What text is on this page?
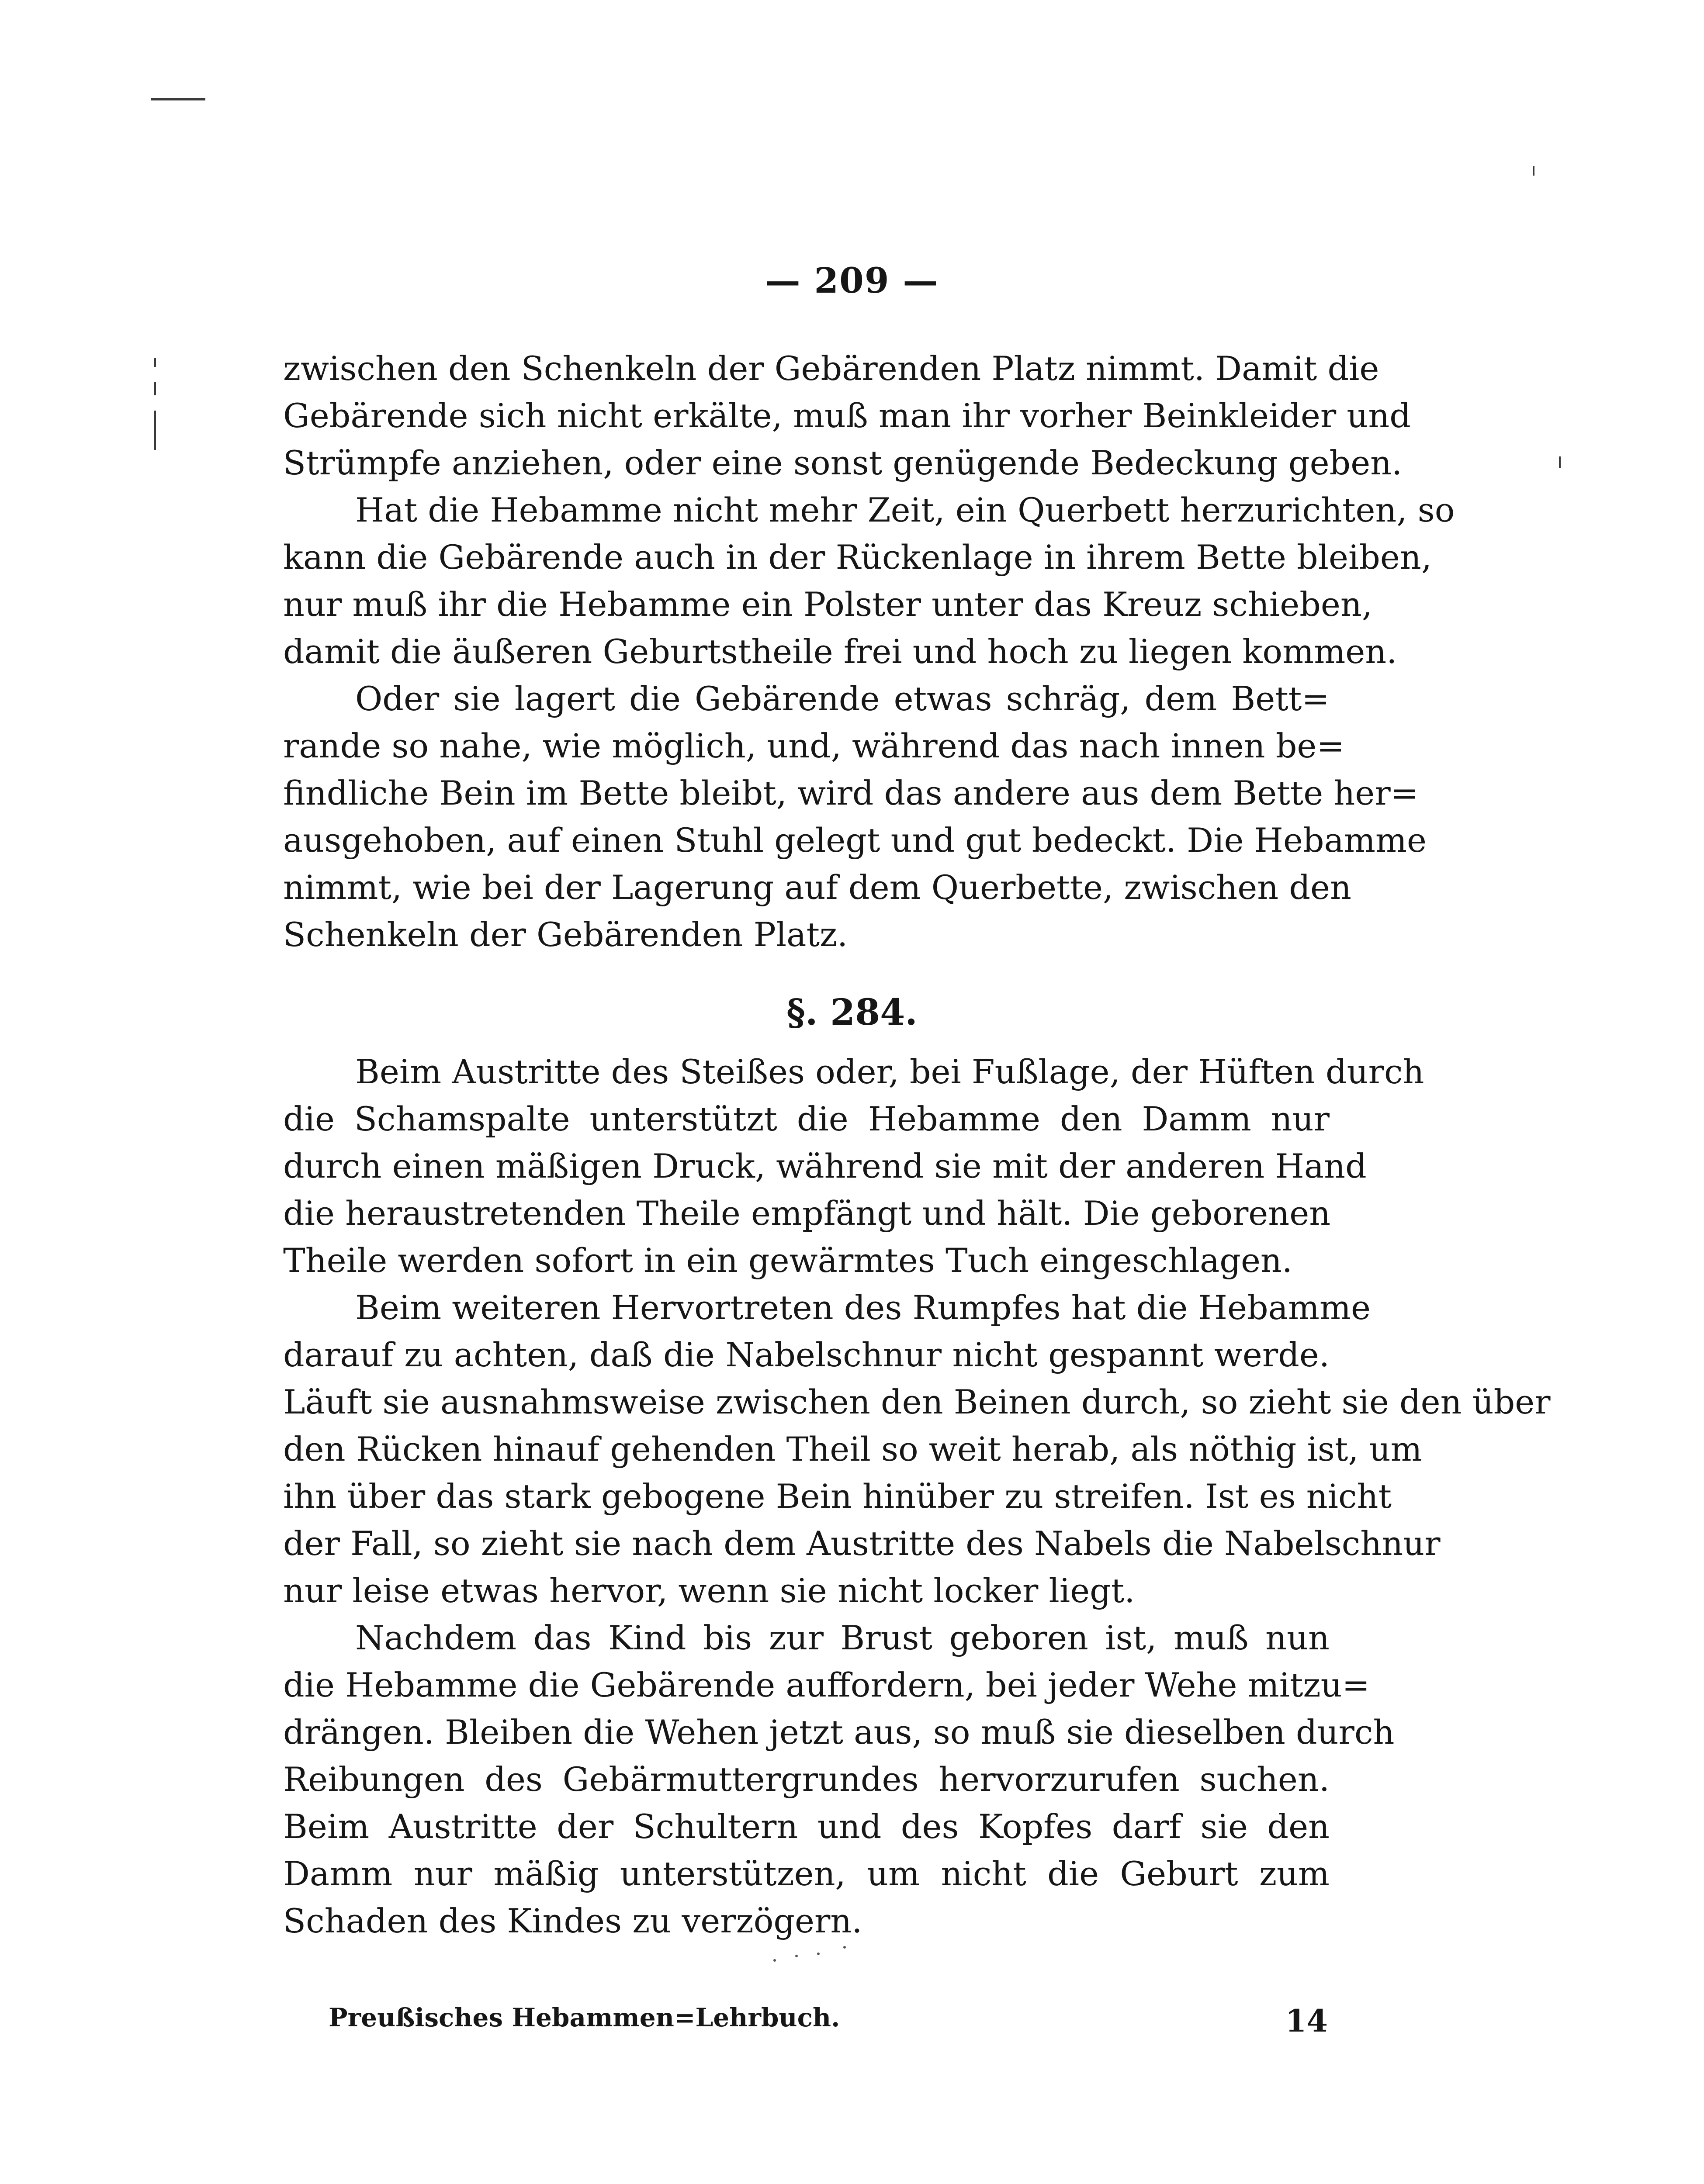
— 209 —
zwischen den Schenkeln der Gebärenden Platz nimmt. Damit die
Gebärende sich nicht erkälte, muß man ihr vorher Beinkleider und
Strümpfe anziehen, oder eine sonst genügende Bedeckung geben.
Hat die Hebamme nicht mehr Zeit, ein Querbett herzurichten, so
kann die Gebärende auch in der Rückenlage in ihrem Bette bleiben,
nur muß ihr die Hebamme ein Polster unter das Kreuz schieben,
damit die äußeren Geburtstheile frei und hoch zu liegen kommen.
Oder sie lagert die Gebärende etwas schräg, dem Bett=
rande so nahe, wie möglich, und, während das nach innen be=
findliche Bein im Bette bleibt, wird das andere aus dem Bette her=
ausgehoben, auf einen Stuhl gelegt und gut bedeckt. Die Hebamme
nimmt, wie bei der Lagerung auf dem Querbette, zwischen den
Schenkeln der Gebärenden Platz.
§. 284.
Beim Austritte des Steißes oder, bei Fußlage, der Hüften durch
die Schamspalte unterstützt die Hebamme den Damm nur
durch einen mäßigen Druck, während sie mit der anderen Hand
die heraustretenden Theile empfängt und hält. Die geborenen
Theile werden sofort in ein gewärmtes Tuch eingeschlagen.
Beim weiteren Hervortreten des Rumpfes hat die Hebamme
darauf zu achten, daß die Nabelschnur nicht gespannt werde.
Läuft sie ausnahmsweise zwischen den Beinen durch, so zieht sie den über
den Rücken hinauf gehenden Theil so weit herab, als nöthig ist, um
ihn über das stark gebogene Bein hinüber zu streifen. Ist es nicht
der Fall, so zieht sie nach dem Austritte des Nabels die Nabelschnur
nur leise etwas hervor, wenn sie nicht locker liegt.
Nachdem das Kind bis zur Brust geboren ist, muß nun
die Hebamme die Gebärende auffordern, bei jeder Wehe mitzu=
drängen. Bleiben die Wehen jetzt aus, so muß sie dieselben durch
Reibungen des Gebärmuttergrundes hervorzurufen suchen.
Beim Austritte der Schultern und des Kopfes darf sie den
Damm nur mäßig unterstützen, um nicht die Geburt zum
Schaden des Kindes zu verzögern.
Preußisches Hebammen=Lehrbuch.	14
